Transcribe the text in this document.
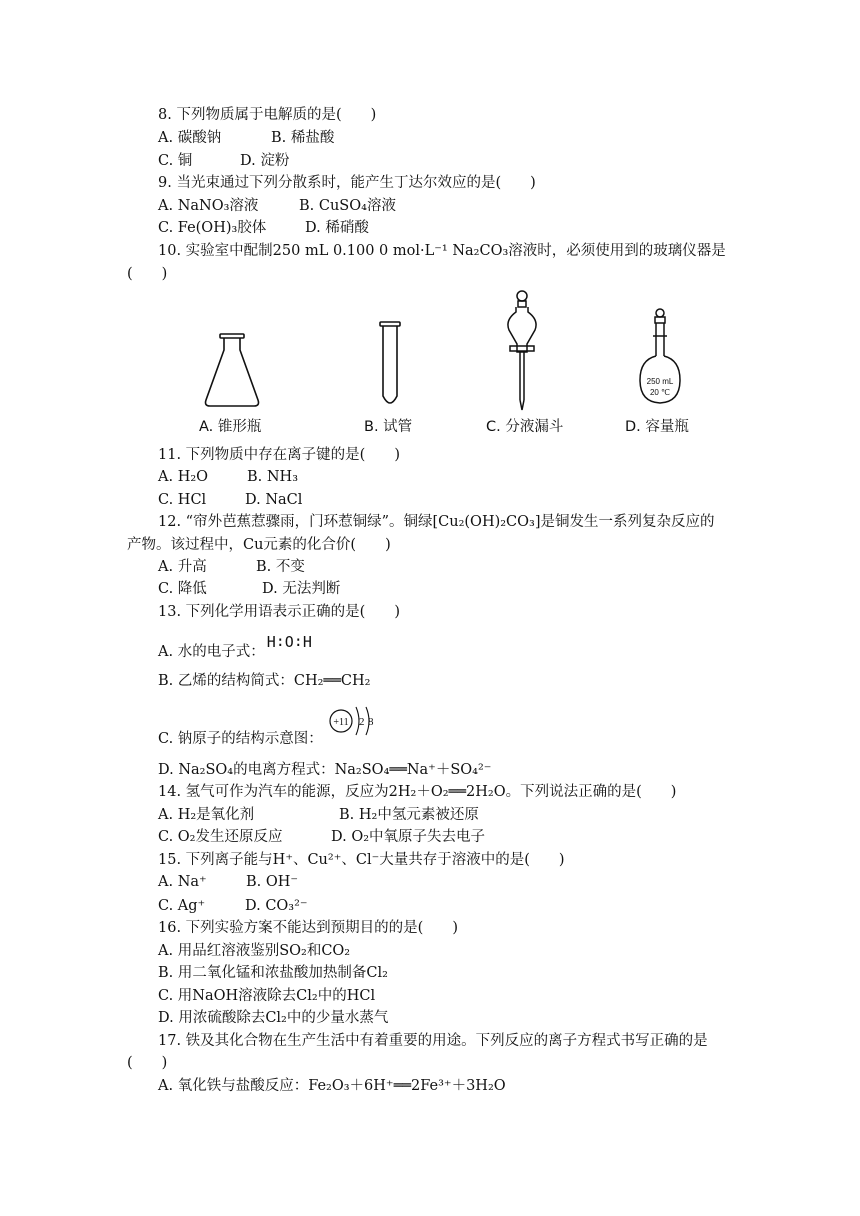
8. 下列物质属于电解质的是(　　)
A. 碳酸钠	B. 稀盐酸
C. 铜	D. 淀粉
9. 当光束通过下列分散系时，能产生丁达尔效应的是(　　)
A. NaNO₃溶液	B. CuSO₄溶液
C. Fe(OH)₃胶体	D. 稀硝酸
10. 实验室中配制250 mL 0.100 0 mol·L⁻¹ Na₂CO₃溶液时，必须使用到的玻璃仪器是
(　　)
250 mL
20 ℃
A. 锥形瓶	B. 试管	C. 分液漏斗	D. 容量瓶
11. 下列物质中存在离子键的是(　　)
A. H₂O	B. NH₃
C. HCl	D. NaCl
12. “帘外芭蕉惹骤雨，门环惹铜绿”。铜绿[Cu₂(OH)₂CO₃]是铜发生一系列复杂反应的
产物。该过程中，Cu元素的化合价(　　)
A. 升高	B. 不变
C. 降低	D. 无法判断
13. 下列化学用语表示正确的是(　　)
A. 水的电子式：H∶O∶H
B. 乙烯的结构简式：CH₂══CH₂
C. 钠原子的结构示意图：
+11 2 8
D. Na₂SO₄的电离方程式：Na₂SO₄══Na⁺＋SO₄²⁻
14. 氢气可作为汽车的能源，反应为2H₂＋O₂══2H₂O。下列说法正确的是(　　)
A. H₂是氧化剂	B. H₂中氢元素被还原
C. O₂发生还原反应	D. O₂中氧原子失去电子
15. 下列离子能与H⁺、Cu²⁺、Cl⁻大量共存于溶液中的是(　　)
A. Na⁺	B. OH⁻
C. Ag⁺	D. CO₃²⁻
16. 下列实验方案不能达到预期目的的是(　　)
A. 用品红溶液鉴别SO₂和CO₂
B. 用二氧化锰和浓盐酸加热制备Cl₂
C. 用NaOH溶液除去Cl₂中的HCl
D. 用浓硫酸除去Cl₂中的少量水蒸气
17. 铁及其化合物在生产生活中有着重要的用途。下列反应的离子方程式书写正确的是
(　　)
A. 氧化铁与盐酸反应：Fe₂O₃＋6H⁺══2Fe³⁺＋3H₂O
